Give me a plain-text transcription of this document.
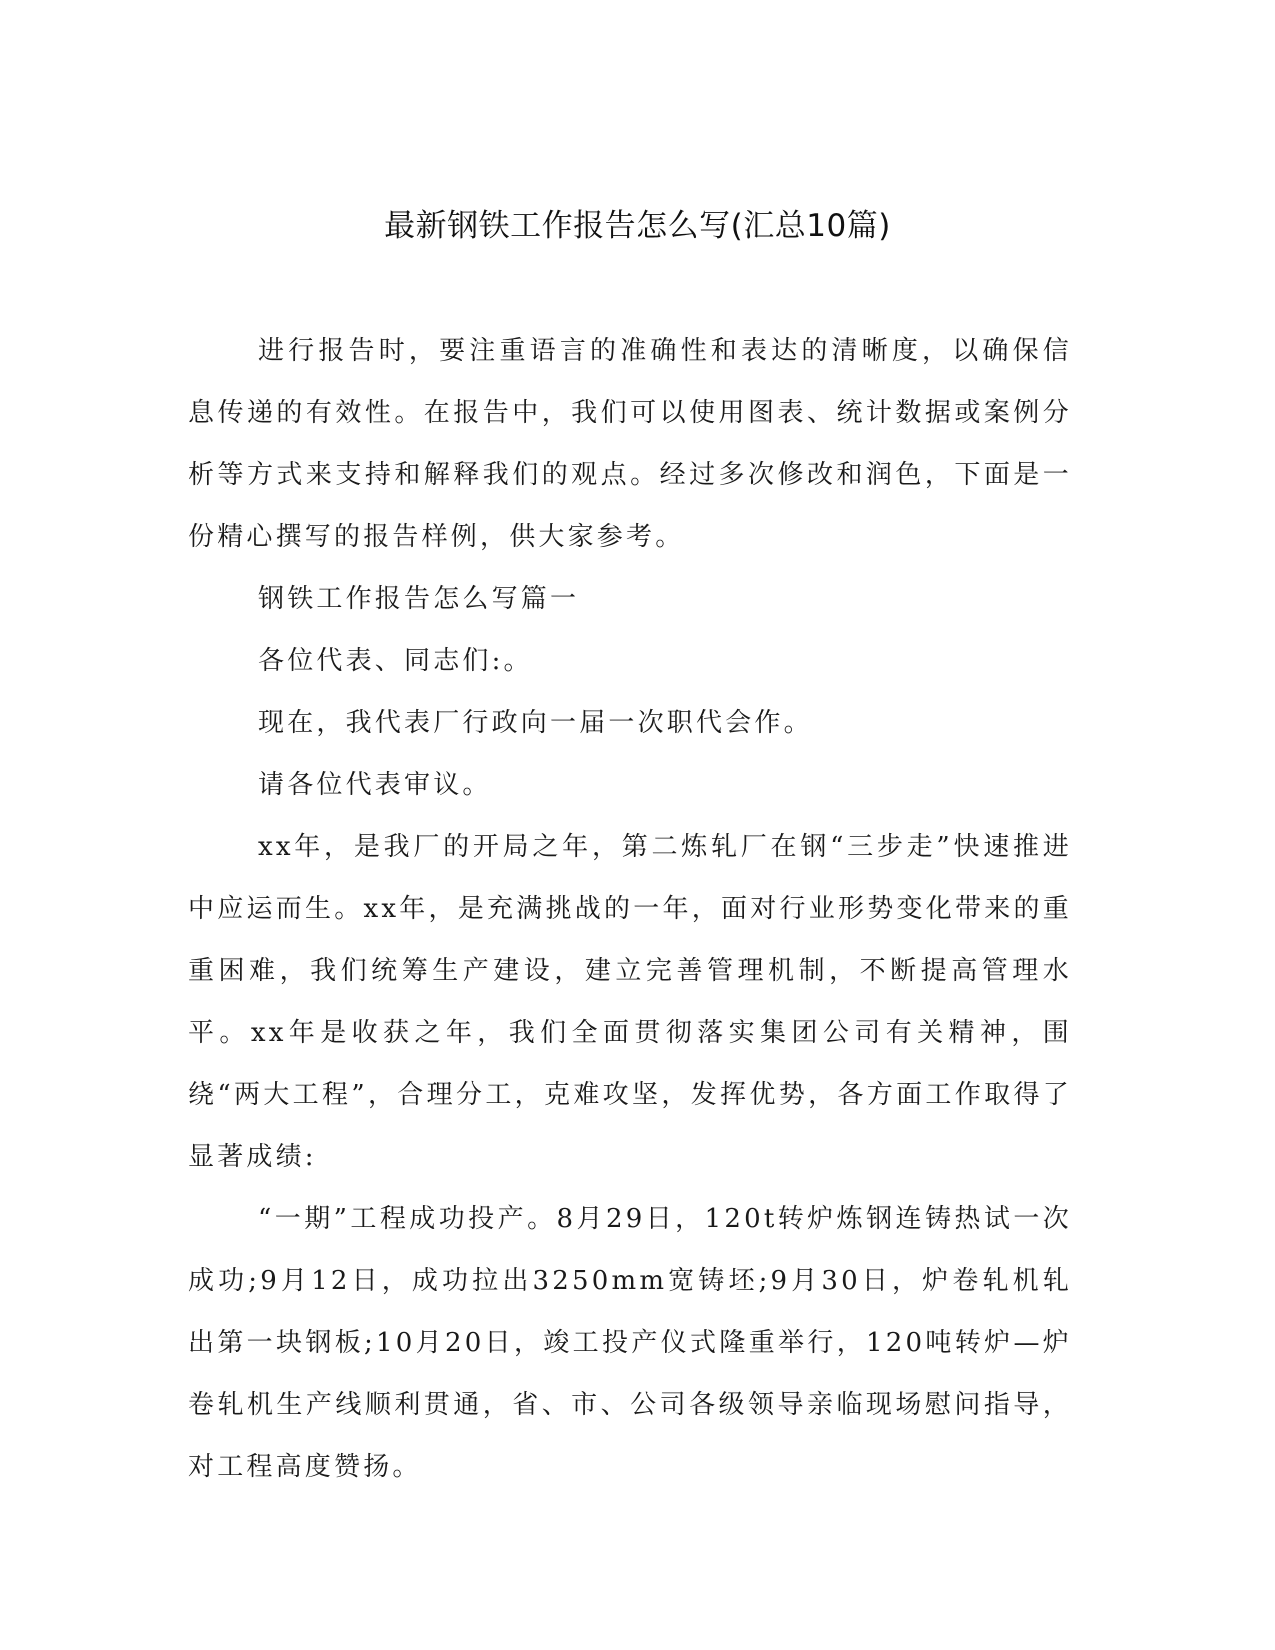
最新钢铁工作报告怎么写(汇总10篇)

进行报告时，要注重语言的准确性和表达的清晰度，以确保信息传递的有效性。在报告中，我们可以使用图表、统计数据或案例分析等方式来支持和解释我们的观点。经过多次修改和润色，下面是一份精心撰写的报告样例，供大家参考。

钢铁工作报告怎么写篇一

各位代表、同志们:。

现在，我代表厂行政向一届一次职代会作。

请各位代表审议。

xx年，是我厂的开局之年，第二炼轧厂在钢“三步走”快速推进中应运而生。xx年，是充满挑战的一年，面对行业形势变化带来的重重困难，我们统筹生产建设，建立完善管理机制，不断提高管理水平。xx年是收获之年，我们全面贯彻落实集团公司有关精神，围绕“两大工程”，合理分工，克难攻坚，发挥优势，各方面工作取得了显著成绩:

“一期”工程成功投产。8月29日，120t转炉炼钢连铸热试一次成功;9月12日，成功拉出3250mm宽铸坯;9月30日，炉卷轧机轧出第一块钢板;10月20日，竣工投产仪式隆重举行，120吨转炉—炉卷轧机生产线顺利贯通，省、市、公司各级领导亲临现场慰问指导，对工程高度赞扬。
